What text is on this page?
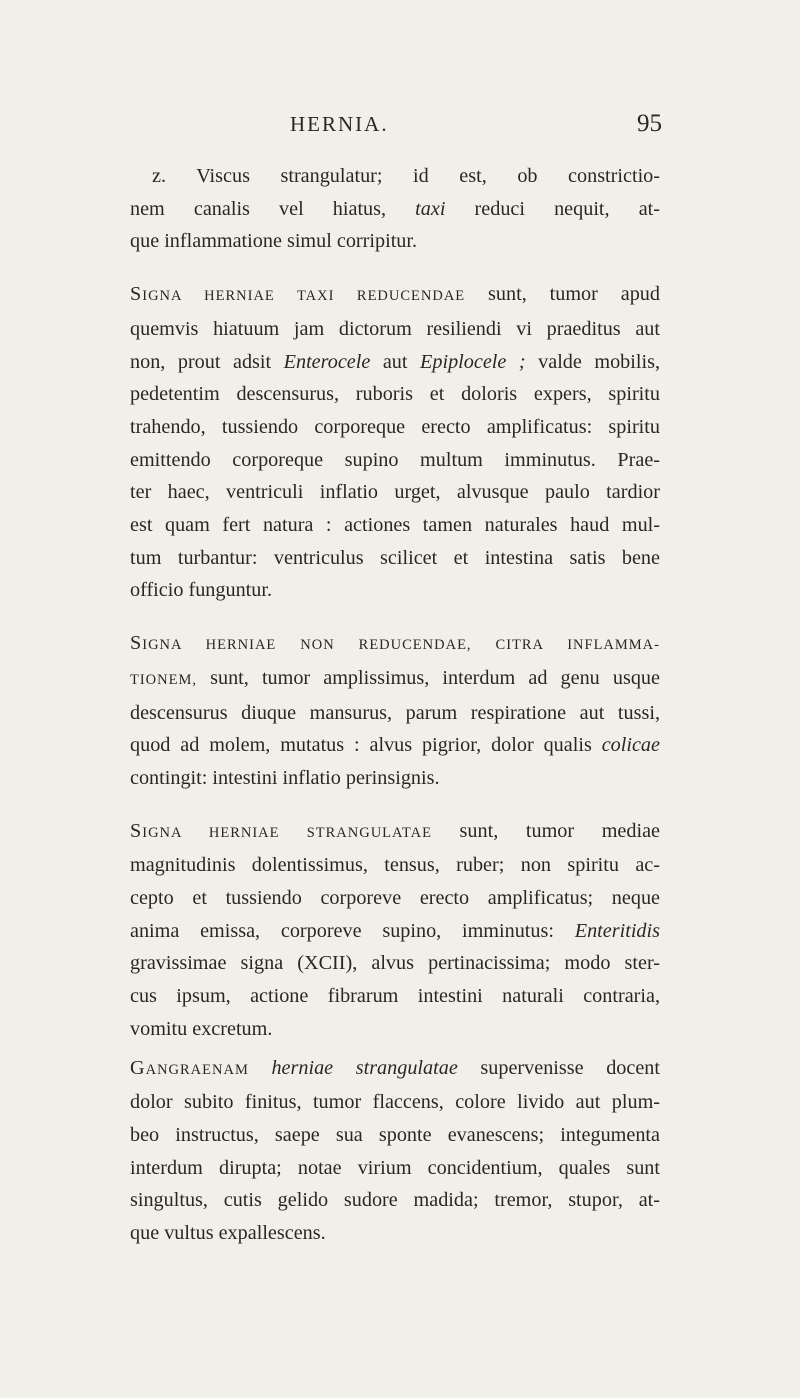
HERNIA.	95
z. Viscus strangulatur; id est, ob constrictio-
nem canalis vel hiatus, taxi reduci nequit, at-
que inflammatione simul corripitur.
SIGNA HERNIAE TAXI REDUCENDAE sunt, tumor apud
quemvis hiatuum jam dictorum resiliendi vi praeditus aut
non, prout adsit Enterocele aut Epiplocele ; valde mobilis,
pedetentim descensurus, ruboris et doloris expers, spiritu
trahendo, tussiendo corporeque erecto amplificatus: spiritu
emittendo corporeque supino multum imminutus. Prae-
ter haec, ventriculi inflatio urget, alvusque paulo tardior
est quam fert natura : actiones tamen naturales haud mul-
tum turbantur: ventriculus scilicet et intestina satis bene
officio funguntur.
SIGNA HERNIAE NON REDUCENDAE, CITRA INFLAMMA-
TIONEM, sunt, tumor amplissimus, interdum ad genu usque
descensurus diuque mansurus, parum respiratione aut tussi,
quod ad molem, mutatus : alvus pigrior, dolor qualis colicae
contingit: intestini inflatio perinsignis.
SIGNA HERNIAE STRANGULATAE sunt, tumor mediae
magnitudinis dolentissimus, tensus, ruber; non spiritu ac-
cepto et tussiendo corporeve erecto amplificatus; neque
anima emissa, corporeve supino, imminutus: Enteritidis
gravissimae signa (XCII), alvus pertinacissima; modo ster-
cus ipsum, actione fibrarum intestini naturali contraria,
vomitu excretum.
GANGRAENAM herniae strangulatae supervenisse docent
dolor subito finitus, tumor flaccens, colore livido aut plum-
beo instructus, saepe sua sponte evanescens; integumenta
interdum dirupta; notae virium concidentium, quales sunt
singultus, cutis gelido sudore madida; tremor, stupor, at-
que vultus expallescens.
